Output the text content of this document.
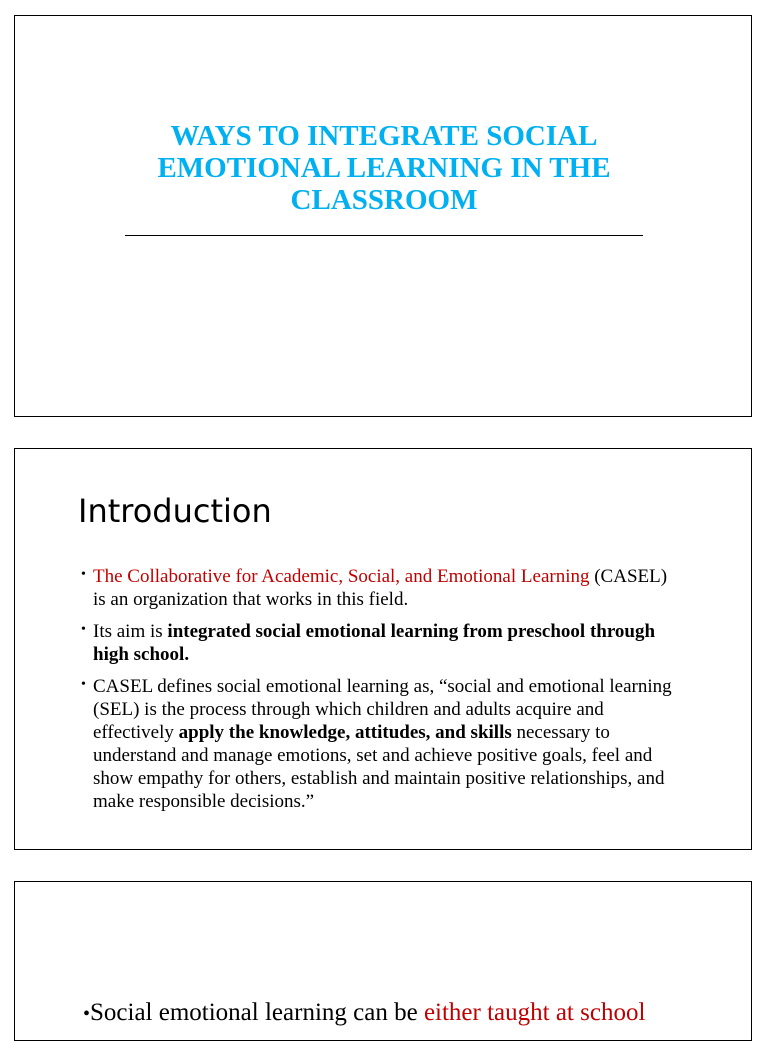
WAYS TO INTEGRATE SOCIAL
EMOTIONAL LEARNING IN THE
CLASSROOM
Introduction
• The Collaborative for Academic, Social, and Emotional Learning (CASEL) is an organization that works in this field.
• Its aim is integrated social emotional learning from preschool through high school.
• CASEL defines social emotional learning as, “social and emotional learning (SEL) is the process through which children and adults acquire and effectively apply the knowledge, attitudes, and skills necessary to understand and manage emotions, set and achieve positive goals, feel and show empathy for others, establish and maintain positive relationships, and make responsible decisions.”
•Social emotional learning can be either taught at school
